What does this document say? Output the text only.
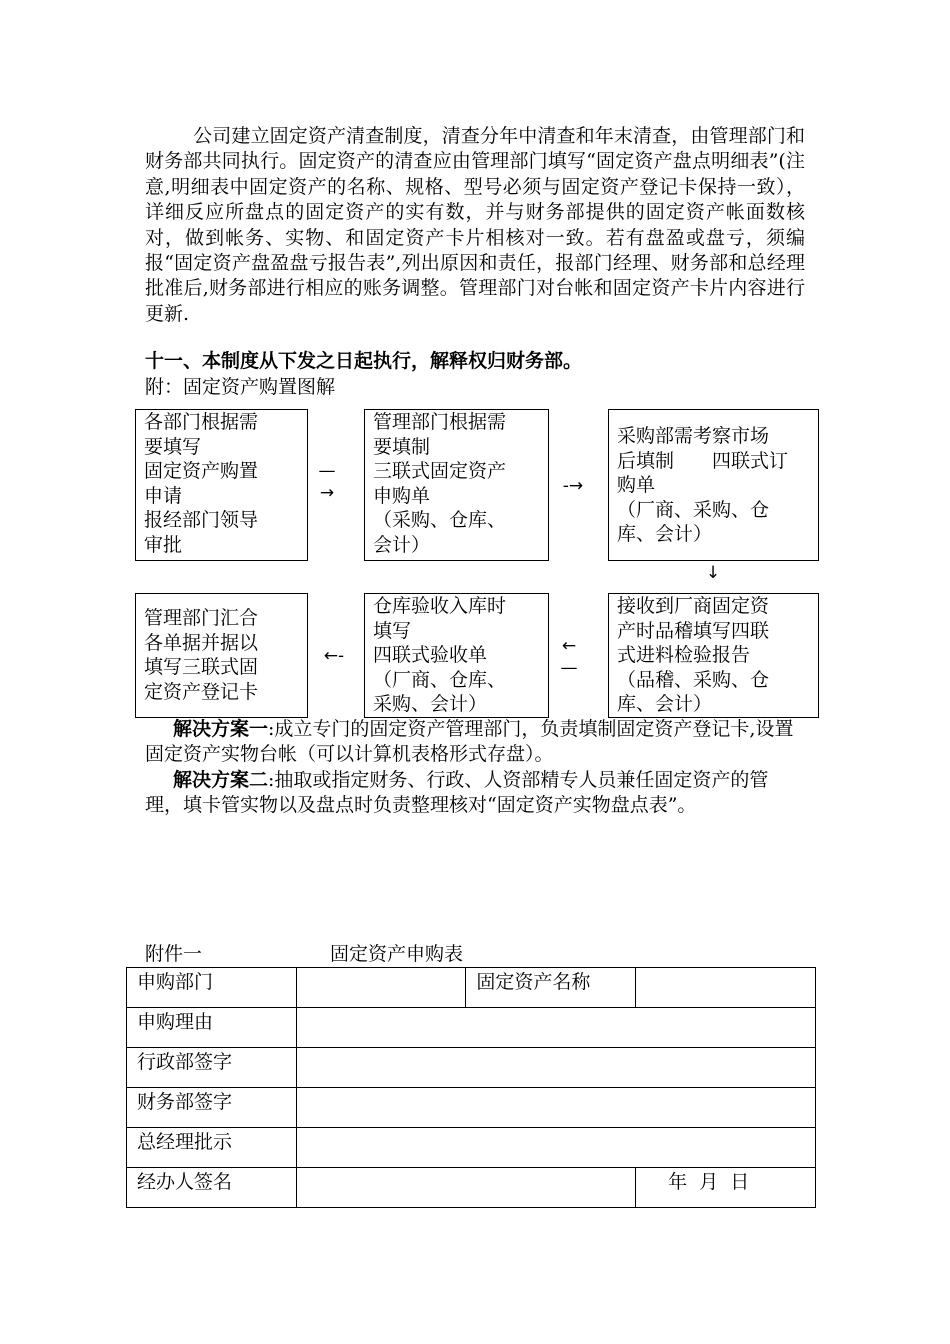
公司建立固定资产清查制度，清查分年中清查和年末清查，由管理部门和财务部共同执行。固定资产的清查应由管理部门填写“固定资产盘点明细表”(注意,明细表中固定资产的名称、规格、型号必须与固定资产登记卡保持一致），详细反应所盘点的固定资产的实有数，并与财务部提供的固定资产帐面数核对，做到帐务、实物、和固定资产卡片相核对一致。若有盘盈或盘亏，须编报“固定资产盘盈盘亏报告表”,列出原因和责任，报部门经理、财务部和总经理批准后,财务部进行相应的账务调整。管理部门对台帐和固定资产卡片内容进行更新.
十一、本制度从下发之日起执行，解释权归财务部。
附：固定资产购置图解
各部门根据需
要填写
固定资产购置
申请
报经部门领导
审批
—
→
管理部门根据需
要填制
三联式固定资产
申购单
（采购、仓库、
会计）
-→
采购部需考察市场
后填制　　四联式订
购单
（厂商、采购、仓
库、会计）
↓
接收到厂商固定资
产时品稽填写四联
式进料检验报告
（品稽、采购、仓
库、会计）
←
—
仓库验收入库时
填写
四联式验收单
（厂商、仓库、
采购、会计）
←-
管理部门汇合
各单据并据以
填写三联式固
定资产登记卡
解决方案一:成立专门的固定资产管理部门，负责填制固定资产登记卡,设置固定资产实物台帐（可以计算机表格形式存盘）。
解决方案二:抽取或指定财务、行政、人资部精专人员兼任固定资产的管理，填卡管实物以及盘点时负责整理核对“固定资产实物盘点表”。
附件一	固定资产申购表
申购部门		固定资产名称	
申购理由			
行政部签字			
财务部签字			
总经理批示			
经办人签名			年  月  日
